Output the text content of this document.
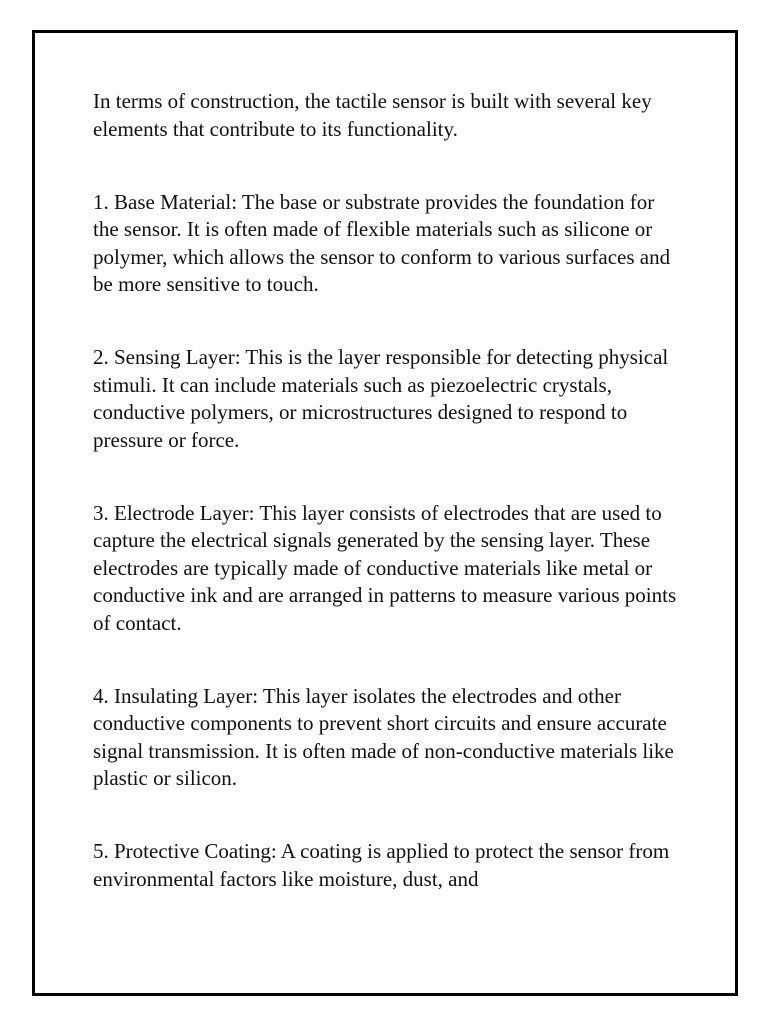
In terms of construction, the tactile sensor is built with several key elements that contribute to its functionality.

1. Base Material: The base or substrate provides the foundation for the sensor. It is often made of flexible materials such as silicone or polymer, which allows the sensor to conform to various surfaces and be more sensitive to touch.

2. Sensing Layer: This is the layer responsible for detecting physical stimuli. It can include materials such as piezoelectric crystals, conductive polymers, or microstructures designed to respond to pressure or force.

3. Electrode Layer: This layer consists of electrodes that are used to capture the electrical signals generated by the sensing layer. These electrodes are typically made of conductive materials like metal or conductive ink and are arranged in patterns to measure various points of contact.

4. Insulating Layer: This layer isolates the electrodes and other conductive components to prevent short circuits and ensure accurate signal transmission. It is often made of non-conductive materials like plastic or silicon.

5. Protective Coating: A coating is applied to protect the sensor from environmental factors like moisture, dust, and
